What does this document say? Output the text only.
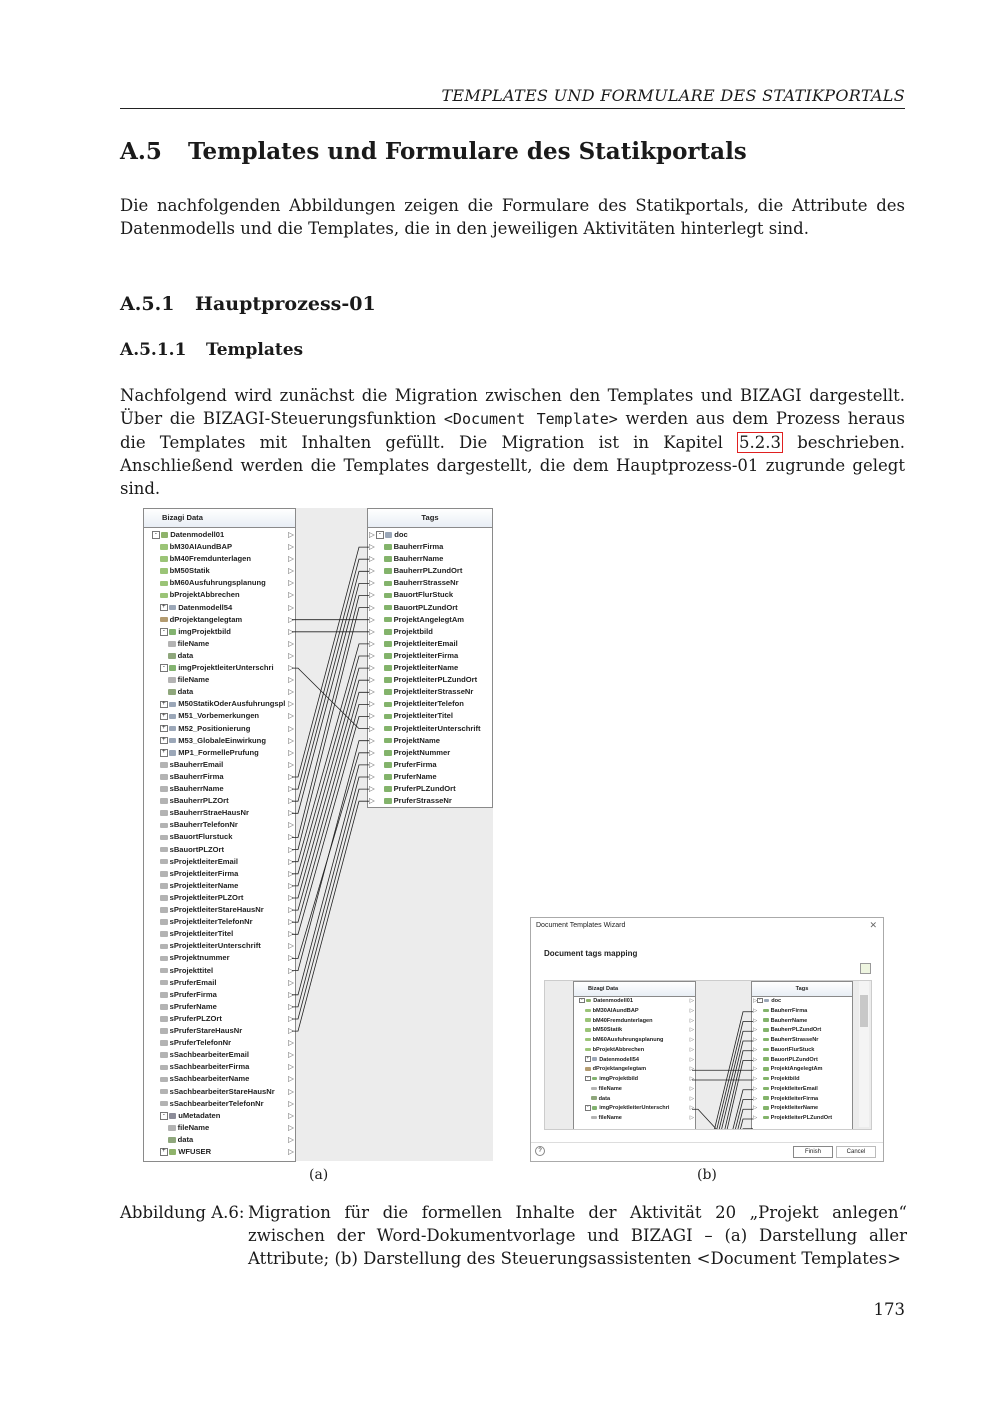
TEMPLATES UND FORMULARE DES STATIKPORTALS
A.5 Templates und Formulare des Statikportals
Die nachfolgenden Abbildungen zeigen die Formulare des Statikportals, die Attribute des Datenmodells und die Templates, die in den jeweiligen Aktivitäten hinterlegt sind.
A.5.1 Hauptprozess-01
A.5.1.1 Templates
Nachfolgend wird zunächst die Migration zwischen den Templates und BIZAGI dargestellt. Über die BIZAGI-Steuerungsfunktion <Document Template> werden aus dem Prozess heraus die Templates mit Inhalten gefüllt. Die Migration ist in Kapitel 5.2.3 beschrieben. Anschließend werden die Templates dargestellt, die dem Hauptprozess-01 zugrunde gelegt sind.
Bizagi Data
- Datenmodell01	▷
bM30AIAundBAP	▷
bM40Fremdunterlagen	▷
bM50Statik	▷
bM60Ausfuhrungsplanung	▷
bProjektAbbrechen	▷
+ Datenmodell54	▷
dProjektangelegtam	▷
- imgProjektbild	▷
fileName	▷
data	▷
- imgProjektleiterUnterschri ▷
fileName	▷
data	▷
+ M50StatikOderAusfuhrungspl ▷
+ M51_Vorbemerkungen	▷
+ M52_Positionierung	▷
+ M53_GlobaleEinwirkung	▷
+ MP1_FormellePrufung	▷
sBauherrEmail	▷
sBauherrFirma	▷
sBauherrName	▷
sBauherrPLZOrt	▷
sBauherrStraeHausNr	▷
sBauherrTelefonNr	▷
sBauortFlurstuck	▷
sBauortPLZOrt	▷
sProjektleiterEmail	▷
sProjektleiterFirma	▷
sProjektleiterName	▷
sProjektleiterPLZOrt	▷
sProjektleiterStareHausNr	▷
sProjektleiterTelefonNr	▷
sProjektleiterTitel	▷
sProjektleiterUnterschrift	▷
sProjektnummer	▷
sProjekttitel	▷
sPruferEmail	▷
sPruferFirma	▷
sPruferName	▷
sPruferPLZOrt	▷
sPruferStareHausNr	▷
sPruferTelefonNr	▷
sSachbearbeiterEmail	▷
sSachbearbeiterFirma	▷
sSachbearbeiterName	▷
sSachbearbeiterStareHausNr ▷
sSachbearbeiterTelefonNr	▷
- uMetadaten	▷
fileName	▷
data	▷
+ WFUSER	▷
Tags
- doc
▷
BauherrFirma
▷
BauherrName
▷
BauherrPLZundOrt
▷
BauherrStrasseNr
▷
BauortFlurStuck
▷
BauortPLZundOrt
▷
ProjektAngelegtAm
▷
Projektbild
▷
ProjektleiterEmail
▷
ProjektleiterFirma
▷
ProjektleiterName
▷
ProjektleiterPLZundOrt
▷
ProjektleiterStrasseNr
▷
ProjektleiterTelefon
▷
ProjektleiterTitel
▷
ProjektleiterUnterschrift
▷
ProjektName
▷
ProjektNummer
▷
PruferFirma
▷
PruferName
▷
PruferPLZundOrt
▷
PruferStrasseNr
▷
(a)
Document Templates Wizard	✕
Document tags mapping
Bizagi Data
- Datenmodell01	▷
bM30AIAundBAP	▷
bM40Fremdunterlagen	▷
bM50Statik	▷
bM60Ausfuhrungsplanung	▷
bProjektAbbrechen	▷
+ Datenmodell54	▷
dProjektangelegtam	▷
- imgProjektbild	▷
fileName	▷
data	▷
- imgProjektleiterUnterschri	▷
fileName	▷
Tags
- doc
▷
BauherrFirma
▷
BauherrName
▷
BauherrPLZundOrt
▷
BauherrStrasseNr
▷
BauortFlurStuck
▷
BauortPLZundOrt
▷
ProjektAngelegtAm
▷
Projektbild
▷
ProjektleiterEmail
▷
ProjektleiterFirma
▷
ProjektleiterName
▷
ProjektleiterPLZundOrt
▷
?	Finish	Cancel
(b)
Abbildung A.6: Migration für die formellen Inhalte der Aktivität 20 „Projekt anlegen“ zwischen der Word-Dokumentvorlage und BIZAGI – (a) Darstellung aller Attribute; (b) Darstellung des Steuerungsassistenten <Document Templates>
173
